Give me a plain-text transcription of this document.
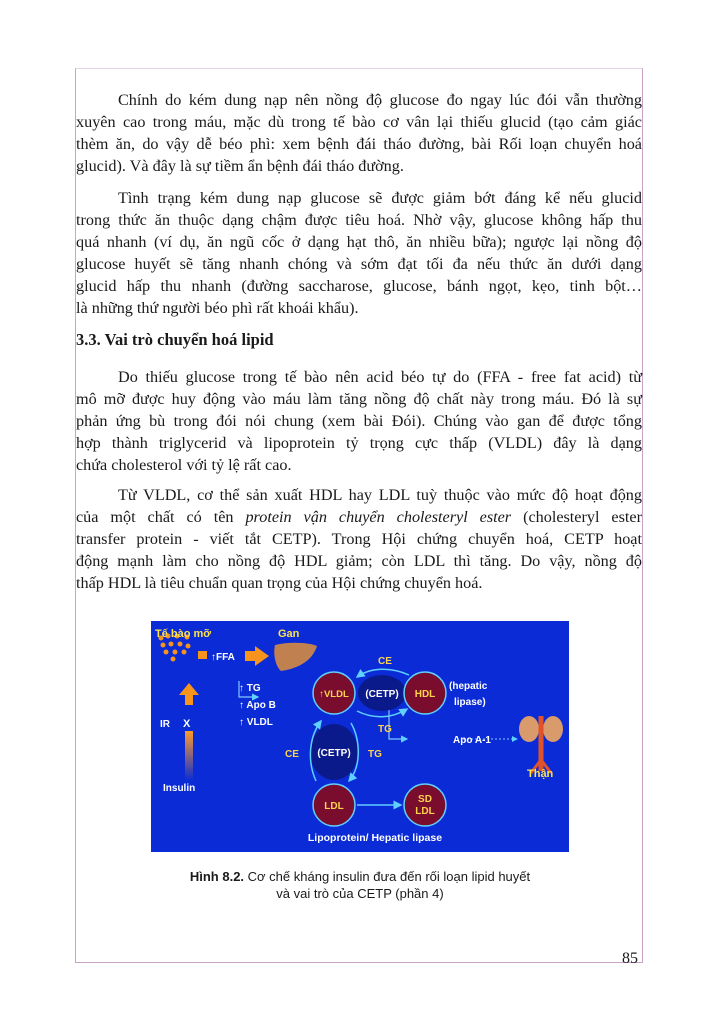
Chính do kém dung nạp nên nồng độ glucose đo ngay lúc đói vẫn thường
xuyên cao trong máu, mặc dù trong tế bào cơ vân lại thiếu glucid (tạo cảm giác
thèm ăn, do vậy dễ béo phì: xem bệnh đái tháo đường, bài Rối loạn chuyển hoá
glucid). Và đây là sự tiềm ẩn bệnh đái tháo đường.
Tình trạng kém dung nạp glucose sẽ được giảm bớt đáng kể nếu glucid
trong thức ăn thuộc dạng chậm được tiêu hoá. Nhờ vậy, glucose không hấp thu
quá nhanh (ví dụ, ăn ngũ cốc ở dạng hạt thô, ăn nhiều bữa); ngược lại nồng độ
glucose huyết sẽ tăng nhanh chóng và sớm đạt tối đa nếu thức ăn dưới dạng
glucid hấp thu nhanh (đường saccharose, glucose, bánh ngọt, kẹo, tinh bột…
là những thứ người béo phì rất khoái khẩu).
3.3. Vai trò chuyển hoá lipid
Do thiếu glucose trong tế bào nên acid béo tự do (FFA - free fat acid) từ
mô mỡ được huy động vào máu làm tăng nồng độ chất này trong máu. Đó là sự
phản ứng bù trong đói nói chung (xem bài Đói). Chúng vào gan để được tổng
hợp thành triglycerid và lipoprotein tỷ trọng cực thấp (VLDL) đây là dạng
chứa cholesterol với tỷ lệ rất cao.
Từ VLDL, cơ thể sản xuất HDL hay LDL tuỳ thuộc vào mức độ hoạt động
của một chất có tên protein vận chuyển cholesteryl ester (cholesteryl ester
transfer protein - viết tắt CETP). Trong Hội chứng chuyển hoá, CETP hoạt
động mạnh làm cho nồng độ HDL giảm; còn LDL thì tăng. Do vậy, nồng độ
thấp HDL là tiêu chuẩn quan trọng của Hội chứng chuyển hoá.
Tế bào mỡ	Gan
↑FFA
↑ TG
↑ Apo B
↑ VLDL
↑VLDL (CETP) HDL
(hepatic
lipase)
CE
TG
(CETP)
CE	TG
Apo A-1
Thận
IR X
Insulin
LDL
SD
LDL
Lipoprotein/ Hepatic lipase
Hình 8.2. Cơ chế kháng insulin đưa đến rối loạn lipid huyết
và vai trò của CETP (phần 4)
85
